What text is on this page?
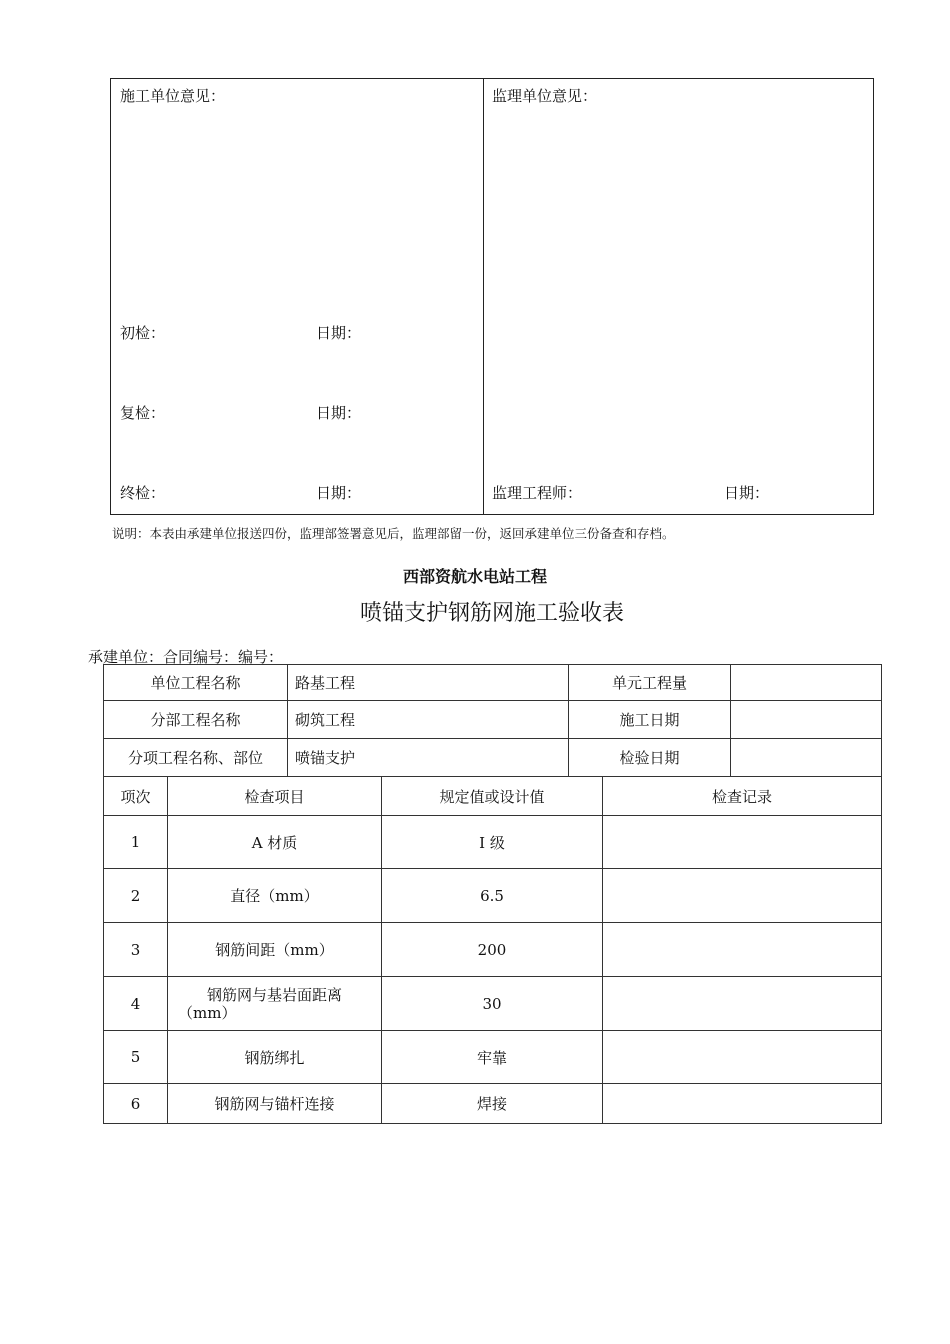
施工单位意见：	监理单位意见：
初检：	日期：
复检：	日期：
终检：	日期：	监理工程师：	日期：
说明：本表由承建单位报送四份，监理部签署意见后，监理部留一份，返回承建单位三份备查和存档。
西部资航水电站工程
喷锚支护钢筋网施工验收表
承建单位：合同编号：编号：
单位工程名称	路基工程	单元工程量	
分部工程名称	砌筑工程	施工日期	
分项工程名称、部位	喷锚支护	检验日期	
项次	检查项目	规定值或设计值	检查记录
1	A 材质	I 级	
2	直径（mm）	6.5	
3	钢筋间距（mm）	200	
4	钢筋网与基岩面距离
（mm）	30	
5	钢筋绑扎	牢靠	
6	钢筋网与锚杆连接	焊接	
